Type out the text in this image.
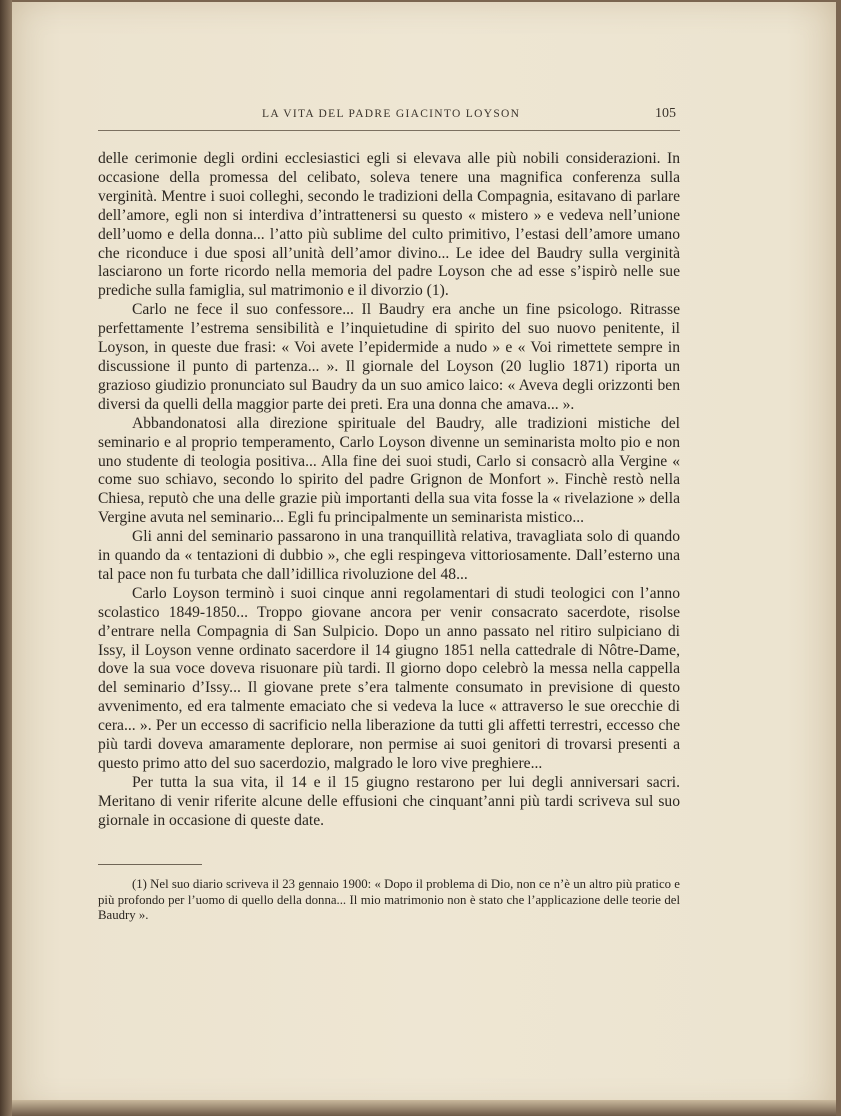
LA VITA DEL PADRE GIACINTO LOYSON	105

delle cerimonie degli ordini ecclesiastici egli si elevava alle più nobili considerazioni. In occasione della promessa del celibato, soleva tenere una magnifica conferenza sulla verginità. Mentre i suoi colleghi, secondo le tradizioni della Compagnia, esitavano di parlare dell’amore, egli non si interdiva d’intrattenersi su questo « mistero » e vedeva nell’unione dell’uomo e della donna... l’atto più sublime del culto primitivo, l’estasi dell’amore umano che riconduce i due sposi all’unità dell’amor divino... Le idee del Baudry sulla verginità lasciarono un forte ricordo nella memoria del padre Loyson che ad esse s’ispirò nelle sue prediche sulla famiglia, sul matrimonio e il divorzio (1).

Carlo ne fece il suo confessore... Il Baudry era anche un fine psicologo. Ritrasse perfettamente l’estrema sensibilità e l’inquietudine di spirito del suo nuovo penitente, il Loyson, in queste due frasi: « Voi avete l’epidermide a nudo » e « Voi rimettete sempre in discussione il punto di partenza... ». Il giornale del Loyson (20 luglio 1871) riporta un grazioso giudizio pronunciato sul Baudry da un suo amico laico: « Aveva degli orizzonti ben diversi da quelli della maggior parte dei preti. Era una donna che amava... ».

Abbandonatosi alla direzione spirituale del Baudry, alle tradizioni mistiche del seminario e al proprio temperamento, Carlo Loyson divenne un seminarista molto pio e non uno studente di teologia positiva... Alla fine dei suoi studi, Carlo si consacrò alla Vergine « come suo schiavo, secondo lo spirito del padre Grignon de Monfort ». Finchè restò nella Chiesa, reputò che una delle grazie più importanti della sua vita fosse la « rivelazione » della Vergine avuta nel seminario... Egli fu principalmente un seminarista mistico...

Gli anni del seminario passarono in una tranquillità relativa, travagliata solo di quando in quando da « tentazioni di dubbio », che egli respingeva vittoriosamente. Dall’esterno una tal pace non fu turbata che dall’idillica rivoluzione del 48...

Carlo Loyson terminò i suoi cinque anni regolamentari di studi teologici con l’anno scolastico 1849-1850... Troppo giovane ancora per venir consacrato sacerdote, risolse d’entrare nella Compagnia di San Sulpicio. Dopo un anno passato nel ritiro sulpiciano di Issy, il Loyson venne ordinato sacerdore il 14 giugno 1851 nella cattedrale di Nôtre-Dame, dove la sua voce doveva risuonare più tardi. Il giorno dopo celebrò la messa nella cappella del seminario d’Issy... Il giovane prete s’era talmente consumato in previsione di questo avvenimento, ed era talmente emaciato che si vedeva la luce « attraverso le sue orecchie di cera... ». Per un eccesso di sacrificio nella liberazione da tutti gli affetti terrestri, eccesso che più tardi doveva amaramente deplorare, non permise ai suoi genitori di trovarsi presenti a questo primo atto del suo sacerdozio, malgrado le loro vive preghiere...

Per tutta la sua vita, il 14 e il 15 giugno restarono per lui degli anniversari sacri. Meritano di venir riferite alcune delle effusioni che cinquant’anni più tardi scriveva sul suo giornale in occasione di queste date.

(1) Nel suo diario scriveva il 23 gennaio 1900: « Dopo il problema di Dio, non ce n’è un altro più pratico e più profondo per l’uomo di quello della donna... Il mio matrimonio non è stato che l’applicazione delle teorie del Baudry ».
